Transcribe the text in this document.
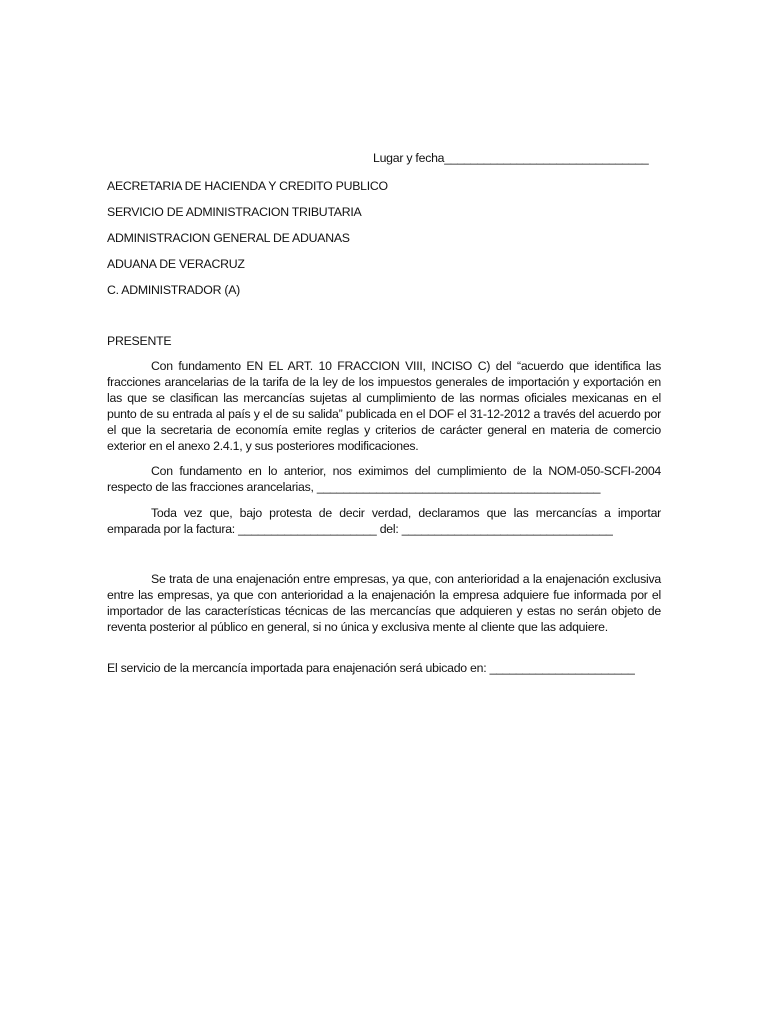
Lugar y fecha_______________________________
AECRETARIA DE HACIENDA Y CREDITO PUBLICO
SERVICIO DE ADMINISTRACION TRIBUTARIA
ADMINISTRACION GENERAL DE ADUANAS
ADUANA DE VERACRUZ
C. ADMINISTRADOR (A)
PRESENTE

Con fundamento EN EL ART. 10 FRACCION VIII, INCISO C) del “acuerdo que identifica las fracciones arancelarias de la tarifa de la ley de los impuestos generales de importación y exportación en las que se clasifican las mercancías sujetas al cumplimiento de las normas oficiales mexicanas en el punto de su entrada al país y el de su salida” publicada en el DOF el 31-12-2012 a través del acuerdo por el que la secretaria de economía emite reglas y criterios de carácter general en materia de comercio exterior en el anexo 2.4.1, y sus posteriores modificaciones.

Con fundamento en lo anterior, nos eximimos del cumplimiento de la NOM-050-SCFI-2004 respecto de las fracciones arancelarias, ___________________________________________

Toda vez que, bajo protesta de decir verdad, declaramos que las mercancías a importar emparada por la factura: _____________________ del: ________________________________

Se trata de una enajenación entre empresas, ya que, con anterioridad a la enajenación exclusiva entre las empresas, ya que con anterioridad a la enajenación la empresa adquiere fue informada por el importador de las características técnicas de las mercancías que adquieren y estas no serán objeto de reventa posterior al público en general, si no única y exclusiva mente al cliente que las adquiere.

El servicio de la mercancía importada para enajenación será ubicado en: ______________________
